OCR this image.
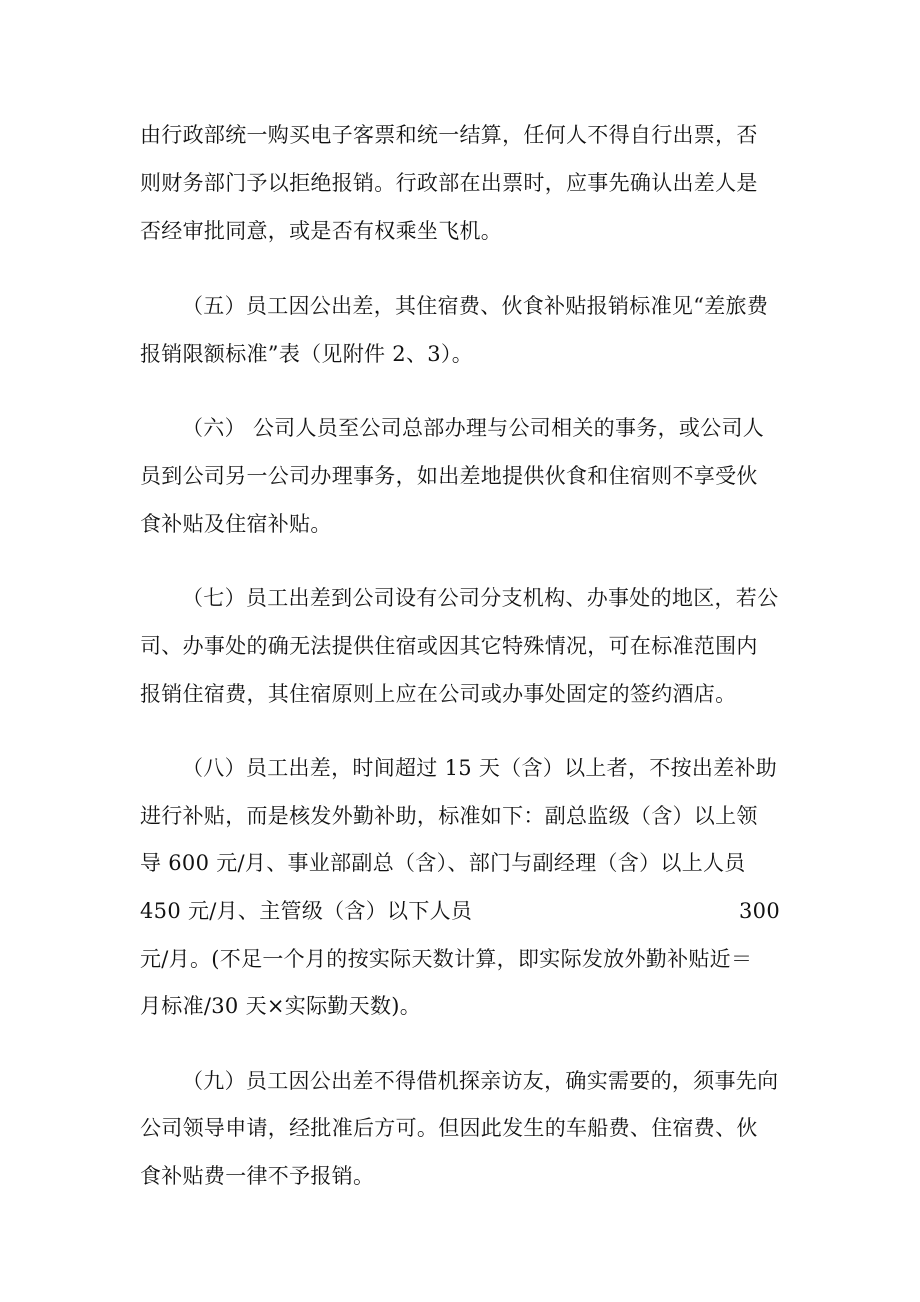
由行政部统一购买电子客票和统一结算，任何人不得自行出票，否
则财务部门予以拒绝报销。行政部在出票时，应事先确认出差人是
否经审批同意，或是否有权乘坐飞机。
（五）员工因公出差，其住宿费、伙食补贴报销标准见“差旅费
报销限额标准”表（见附件 2、3）。
（六） 公司人员至公司总部办理与公司相关的事务，或公司人
员到公司另一公司办理事务，如出差地提供伙食和住宿则不享受伙
食补贴及住宿补贴。
（七）员工出差到公司设有公司分支机构、办事处的地区，若公
司、办事处的确无法提供住宿或因其它特殊情况，可在标准范围内
报销住宿费，其住宿原则上应在公司或办事处固定的签约酒店。
（八）员工出差，时间超过 15 天（含）以上者，不按出差补助
进行补贴，而是核发外勤补助，标准如下：副总监级（含）以上领
导 600 元/月、事业部副总（含）、部门与副经理（含）以上人员
450 元/月、主管级（含）以下人员	300
元/月。(不足一个月的按实际天数计算，即实际发放外勤补贴近＝
月标准/30 天×实际勤天数)。
（九）员工因公出差不得借机探亲访友，确实需要的，须事先向
公司领导申请，经批准后方可。但因此发生的车船费、住宿费、伙
食补贴费一律不予报销。
